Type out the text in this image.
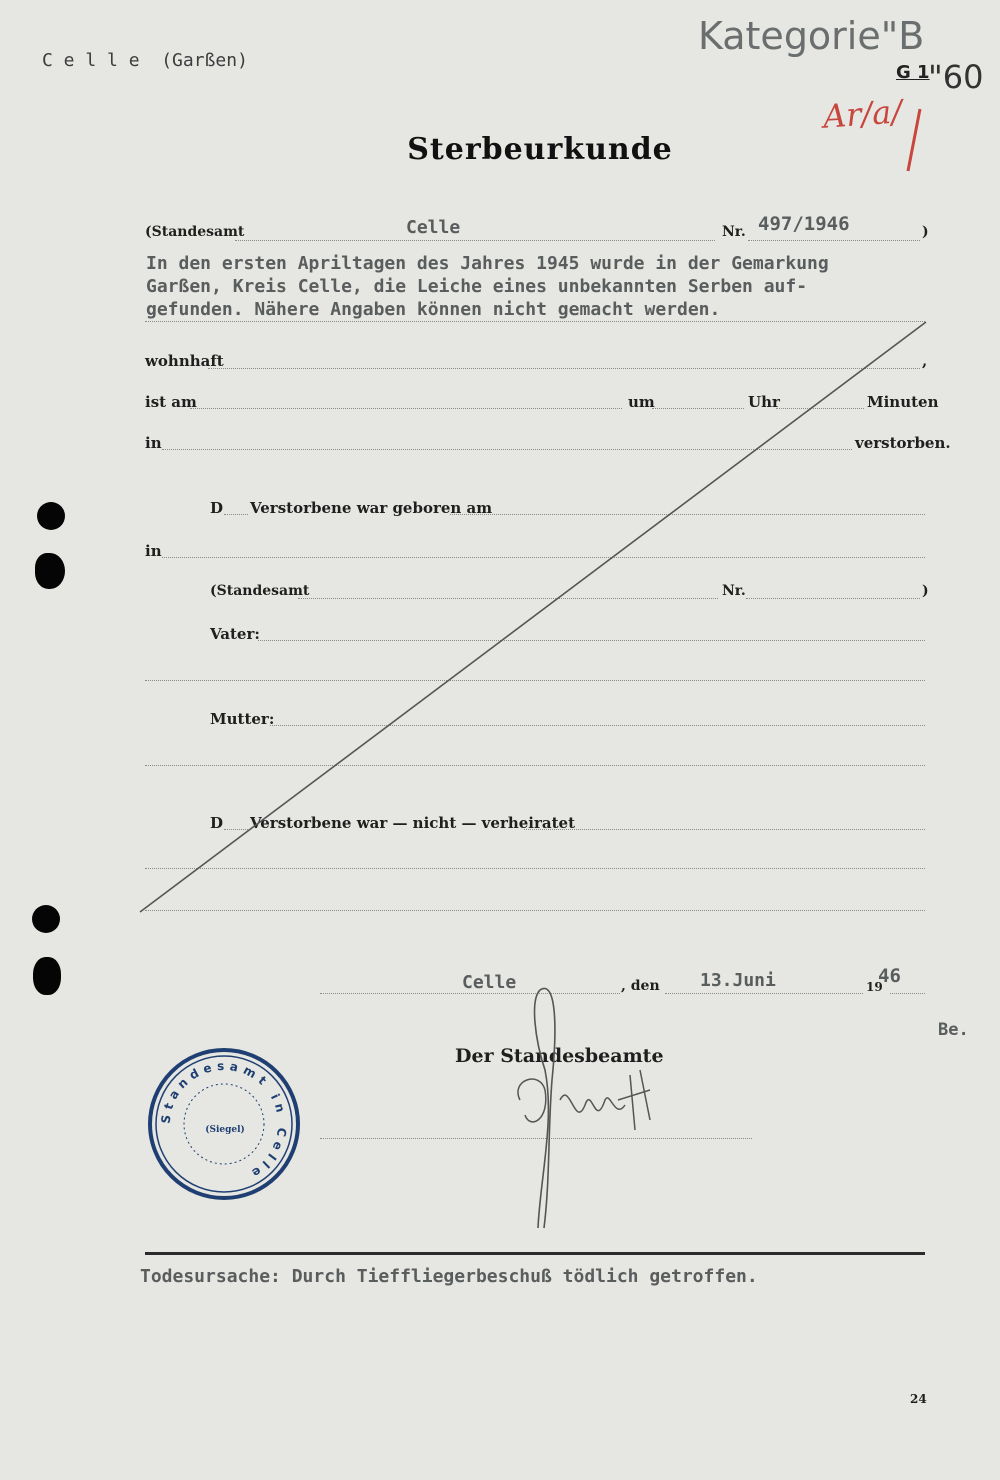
C e l l e  (Garßen)
Kategorie"B
G 1
"60
Ar/a/
Sterbeurkunde
(Standesamt	Celle	Nr. 497/1946	)
In den ersten Apriltagen des Jahres 1945 wurde in der Gemarkung
Garßen, Kreis Celle, die Leiche eines unbekannten Serben auf-
gefunden. Nähere Angaben können nicht gemacht werden.
wohnhaft	,
ist am	um	Uhr	Minuten
in	verstorben.
D Verstorbene war geboren am
in
(Standesamt	Nr.	)
Vater:
Mutter:
D Verstorbene war — nicht — verheiratet
Celle	, den 13.Juni	19
46
Be.
Der Standesbeamte
Standesamt in Celle
(Siegel)
Todesursache: Durch Tieffliegerbeschuß tödlich getroffen.
24
